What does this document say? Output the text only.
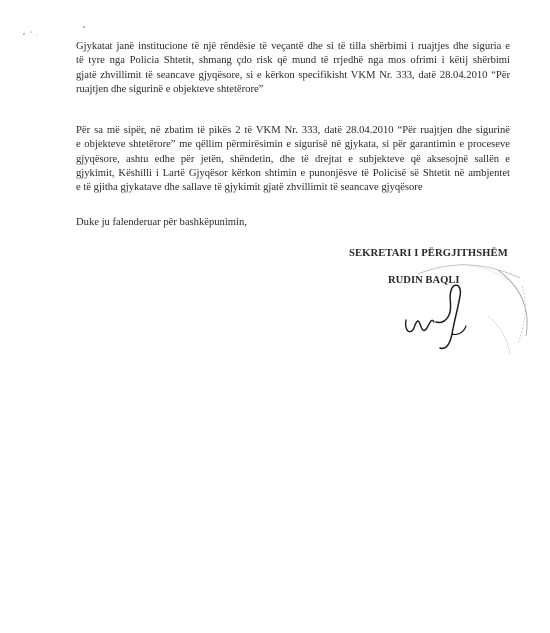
Gjykatat janë institucione të një rëndësie të veçantë dhe si të tilla shërbimi i ruajtjes dhe siguria e
të tyre nga Policia Shtetit, shmang çdo risk që mund të rrjedhë nga mos ofrimi i këtij shërbimi
gjatë zhvillimit të seancave gjyqësore, si e kërkon specifikisht VKM Nr. 333, datë 28.04.2010 “Për
ruajtjen dhe sigurinë e objekteve shtetërore”

Për sa më sipër, në zbatim të pikës 2 të VKM Nr. 333, datë 28.04.2010 “Për ruajtjen dhe sigurinë
e objekteve shtetërore” me qëllim përmirësimin e sigurisë në gjykata, si për garantimin e proceseve
gjyqësore, ashtu edhe për jetën, shëndetin, dhe të drejtat e subjekteve që aksesojnë sallën e
gjykimit, Këshilli i Lartë Gjyqësor kërkon shtimin e punonjësve të Policisë së Shtetit në ambjentet
e të gjitha gjykatave dhe sallave të gjykimit gjatë zhvillimit të seancave gjyqësore

Duke ju falenderuar për bashkëpunimin,

SEKRETARI I PËRGJITHSHËM

RUDIN BAQLI
